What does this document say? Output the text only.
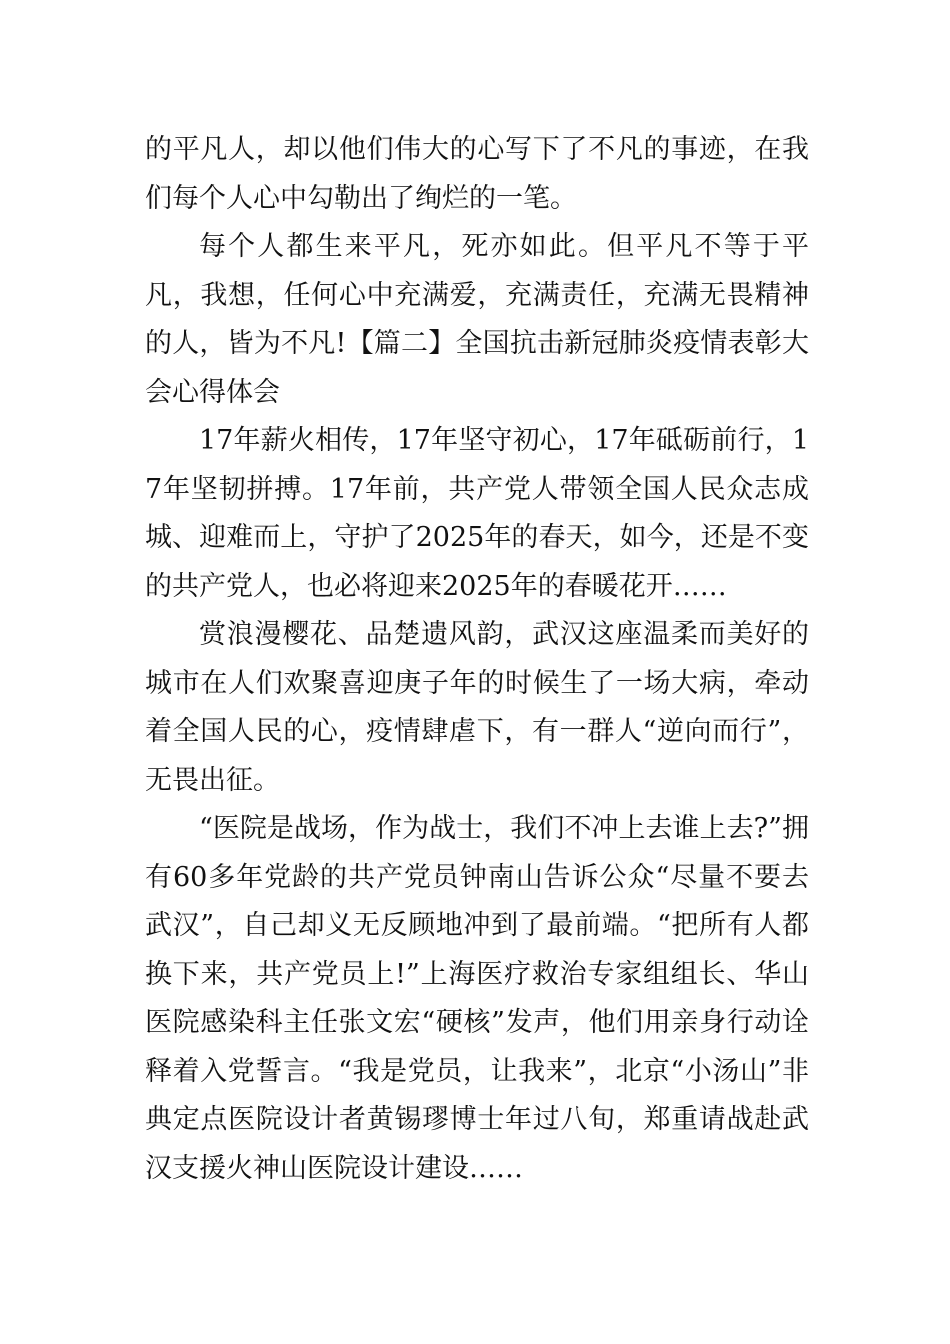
的平凡人，却以他们伟大的心写下了不凡的事迹，在我们每个人心中勾勒出了绚烂的一笔。

每个人都生来平凡，死亦如此。但平凡不等于平凡，我想，任何心中充满爱，充满责任，充满无畏精神的人，皆为不凡!【篇二】全国抗击新冠肺炎疫情表彰大会心得体会

17年薪火相传，17年坚守初心，17年砥砺前行，17年坚韧拼搏。17年前，共产党人带领全国人民众志成城、迎难而上，守护了2025年的春天，如今，还是不变的共产党人，也必将迎来2025年的春暖花开……

赏浪漫樱花、品楚遗风韵，武汉这座温柔而美好的城市在人们欢聚喜迎庚子年的时候生了一场大病，牵动着全国人民的心，疫情肆虐下，有一群人“逆向而行”，无畏出征。

“医院是战场，作为战士，我们不冲上去谁上去?”拥有60多年党龄的共产党员钟南山告诉公众“尽量不要去武汉”，自己却义无反顾地冲到了最前端。“把所有人都换下来，共产党员上!”上海医疗救治专家组组长、华山医院感染科主任张文宏“硬核”发声，他们用亲身行动诠释着入党誓言。“我是党员，让我来”，北京“小汤山”非典定点医院设计者黄锡璆博士年过八旬，郑重请战赴武汉支援火神山医院设计建设……
